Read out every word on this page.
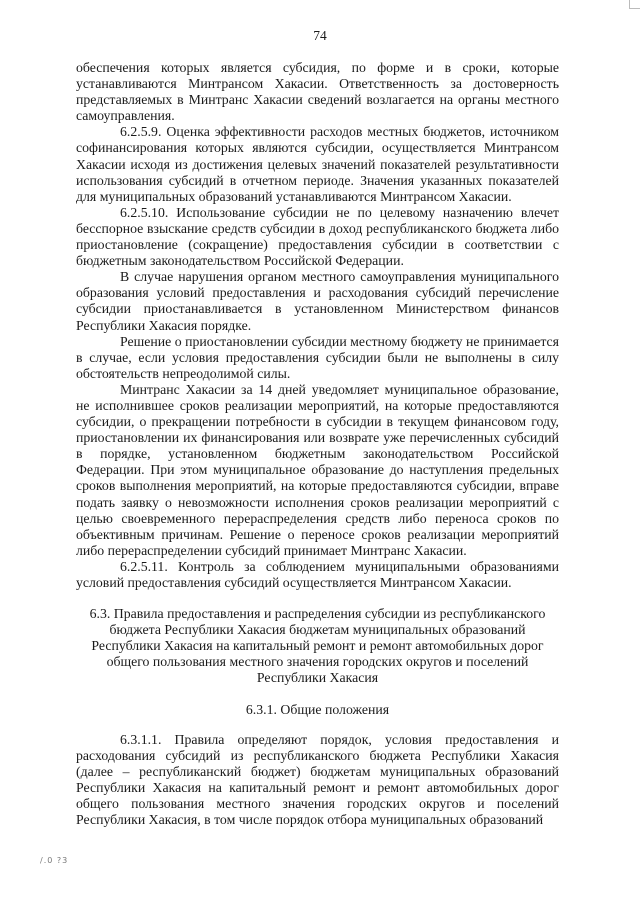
74

обеспечения которых является субсидия, по форме и в сроки, которые устанавливаются Минтрансом Хакасии. Ответственность за достоверность представляемых в Минтранс Хакасии сведений возлагается на органы местного самоуправления.

6.2.5.9. Оценка эффективности расходов местных бюджетов, источником софинансирования которых являются субсидии, осуществляется Минтрансом Хакасии исходя из достижения целевых значений показателей результативности использования субсидий в отчетном периоде. Значения указанных показателей для муниципальных образований устанавливаются Минтрансом Хакасии.

6.2.5.10. Использование субсидии не по целевому назначению влечет бесспорное взыскание средств субсидии в доход республиканского бюджета либо приостановление (сокращение) предоставления субсидии в соответствии с бюджетным законодательством Российской Федерации.

В случае нарушения органом местного самоуправления муниципального образования условий предоставления и расходования субсидий перечисление субсидии приостанавливается в установленном Министерством финансов Республики Хакасия порядке.

Решение о приостановлении субсидии местному бюджету не принимается в случае, если условия предоставления субсидии были не выполнены в силу обстоятельств непреодолимой силы.

Минтранс Хакасии за 14 дней уведомляет муниципальное образование, не исполнившее сроков реализации мероприятий, на которые предоставляются субсидии, о прекращении потребности в субсидии в текущем финансовом году, приостановлении их финансирования или возврате уже перечисленных субсидий в порядке, установленном бюджетным законодательством Российской Федерации. При этом муниципальное образование до наступления предельных сроков выполнения мероприятий, на которые предоставляются субсидии, вправе подать заявку о невозможности исполнения сроков реализации мероприятий с целью своевременного перераспределения средств либо переноса сроков по объективным причинам. Решение о переносе сроков реализации мероприятий либо перераспределении субсидий принимает Минтранс Хакасии.

6.2.5.11. Контроль за соблюдением муниципальными образованиями условий предоставления субсидий осуществляется Минтрансом Хакасии.

6.3. Правила предоставления и распределения субсидии из республиканского бюджета Республики Хакасия бюджетам муниципальных образований Республики Хакасия на капитальный ремонт и ремонт автомобильных дорог общего пользования местного значения городских округов и поселений Республики Хакасия

6.3.1. Общие положения

6.3.1.1. Правила определяют порядок, условия предоставления и расходования субсидий из республиканского бюджета Республики Хакасия (далее – республиканский бюджет) бюджетам муниципальных образований Республики Хакасия на капитальный ремонт и ремонт автомобильных дорог общего пользования местного значения городских округов и поселений Республики Хакасия, в том числе порядок отбора муниципальных образований

/.0 ?3
